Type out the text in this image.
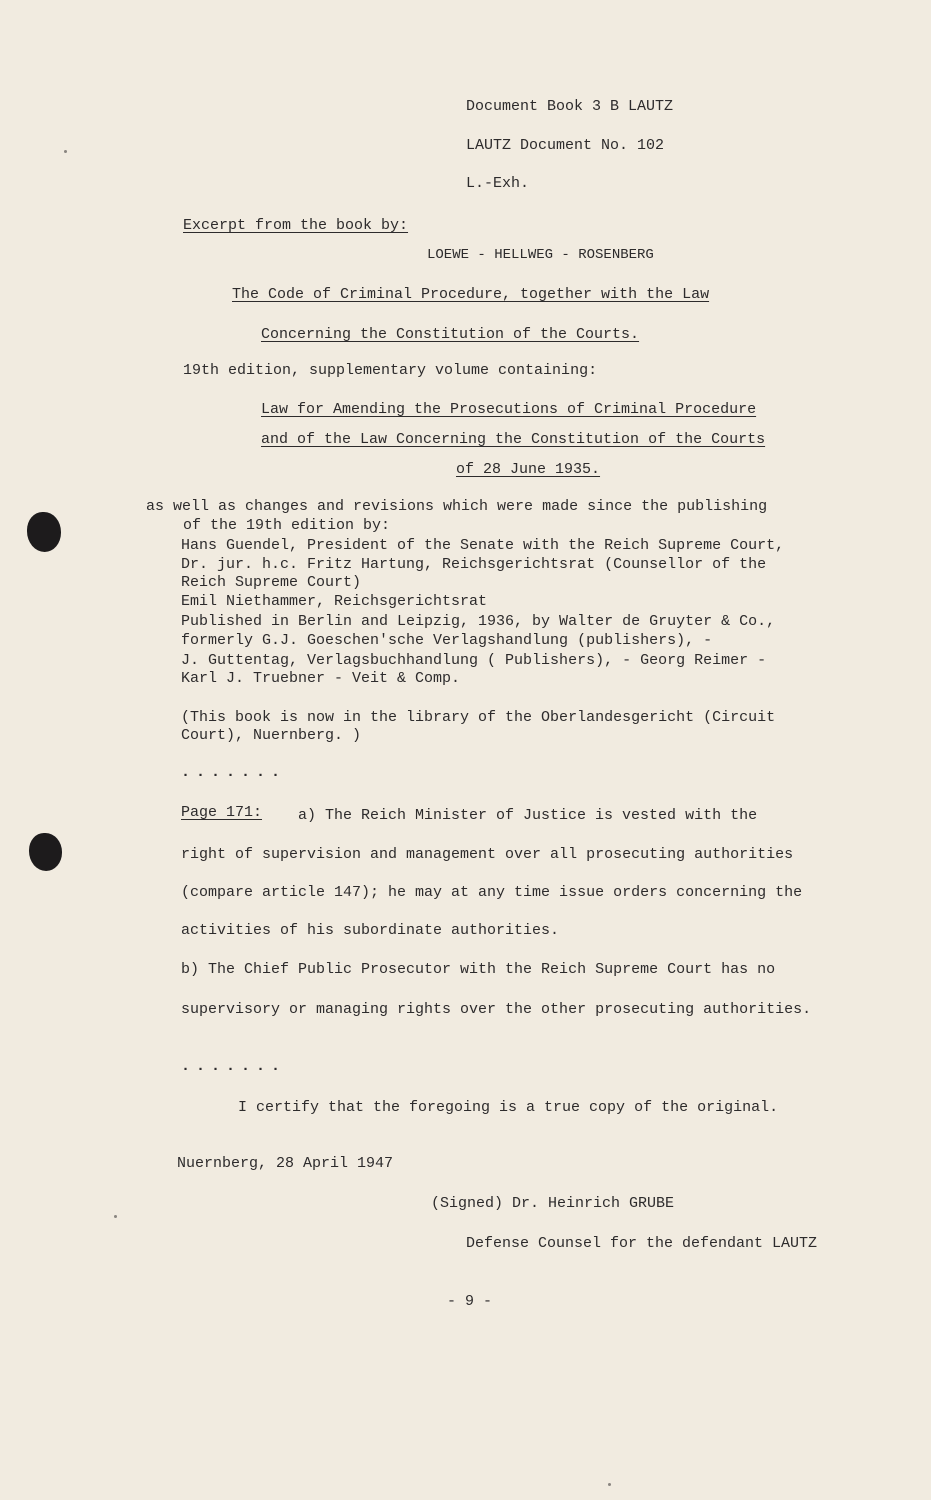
Document Book 3 B LAUTZ
LAUTZ Document No. 102
L.-Exh.
Excerpt from the book by:
LOEWE - HELLWEG - ROSENBERG
The Code of Criminal Procedure, together with the Law
Concerning the Constitution of the Courts.
19th edition, supplementary volume containing:
Law for Amending the Prosecutions of Criminal Procedure
and of the Law Concerning the Constitution of the Courts
of 28 June 1935.
as well as changes and revisions which were made since the publishing
of the 19th edition by:
Hans Guendel, President of the Senate with the Reich Supreme Court,
Dr. jur. h.c. Fritz Hartung, Reichsgerichtsrat (Counsellor of the
Reich Supreme Court)
Emil Niethammer, Reichsgerichtsrat
Published in Berlin and Leipzig, 1936, by Walter de Gruyter & Co.,
formerly G.J. Goeschen'sche Verlagshandlung (publishers), -
J. Guttentag, Verlagsbuchhandlung ( Publishers), - Georg Reimer -
Karl J. Truebner - Veit & Comp.
(This book is now in the library of the Oberlandesgericht (Circuit
Court), Nuernberg. )
.......
Page 171: a) The Reich Minister of Justice is vested with the
right of supervision and management over all prosecuting authorities
(compare article 147); he may at any time issue orders concerning the
activities of his subordinate authorities.
b) The Chief Public Prosecutor with the Reich Supreme Court has no
supervisory or managing rights over the other prosecuting authorities.
.......
I certify that the foregoing is a true copy of the original.
Nuernberg, 28 April 1947
(Signed) Dr. Heinrich GRUBE
Defense Counsel for the defendant LAUTZ
- 9 -
